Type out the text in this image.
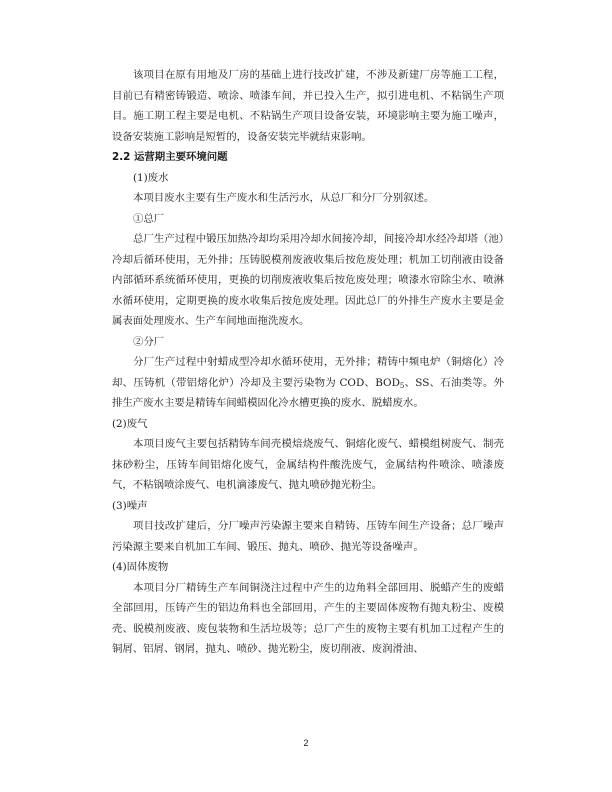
该项目在原有用地及厂房的基础上进行技改扩建，不涉及新建厂房等施工工程，目前已有精密铸锻造、喷涂、喷漆车间，并已投入生产，拟引进电机、不粘锅生产项目。施工期工程主要是电机、不粘锅生产项目设备安装，环境影响主要为施工噪声，设备安装施工影响是短暂的，设备安装完毕就结束影响。

2.2 运营期主要环境问题

(1)废水

本项目废水主要有生产废水和生活污水，从总厂和分厂分别叙述。

①总厂

总厂生产过程中锻压加热冷却均采用冷却水间接冷却，间接冷却水经冷却塔（池）冷却后循环使用，无外排；压铸脱模剂废液收集后按危废处理；机加工切削液由设备内部循环系统循环使用，更换的切削废液收集后按危废处理；喷漆水帘除尘水、喷淋水循环使用，定期更换的废水收集后按危废处理。因此总厂的外排生产废水主要是金属表面处理废水、生产车间地面拖洗废水。

②分厂

分厂生产过程中射蜡成型冷却水循环使用，无外排；精铸中频电炉（铜熔化）冷却、压铸机（带铝熔化炉）冷却及主要污染物为 COD、$BOD_5$、SS、石油类等。外排生产废水主要是精铸车间蜡模固化冷水槽更换的废水、脱蜡废水。

(2)废气

本项目废气主要包括精铸车间壳模焙烧废气、铜熔化废气、蜡模组树废气、制壳抹砂粉尘，压铸车间铝熔化废气，金属结构件酸洗废气，金属结构件喷涂、喷漆废气，不粘锅喷涂废气、电机滴漆废气、抛丸喷砂抛光粉尘。

(3)噪声

项目技改扩建后，分厂噪声污染源主要来自精铸、压铸车间生产设备；总厂噪声污染源主要来自机加工车间、锻压、抛丸、喷砂、抛光等设备噪声。

(4)固体废物

本项目分厂精铸生产车间铜浇注过程中产生的边角料全部回用、脱蜡产生的废蜡全部回用，压铸产生的铝边角料也全部回用，产生的主要固体废物有抛丸粉尘、废模壳、脱模剂废液、废包装物和生活垃圾等；总厂产生的废物主要有机加工过程产生的铜屑、铝屑、钢屑，抛丸、喷砂、抛光粉尘，废切削液、废润滑油、

2
